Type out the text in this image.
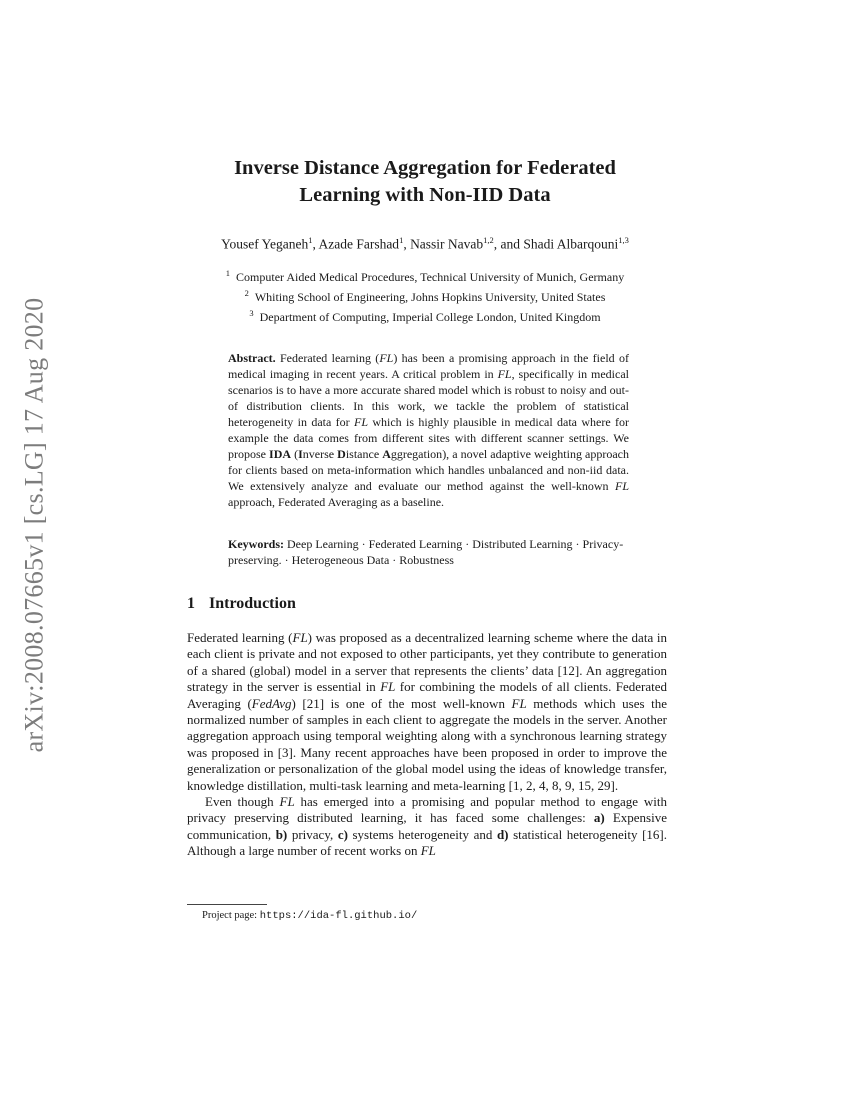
arXiv:2008.07665v1 [cs.LG] 17 Aug 2020
Inverse Distance Aggregation for Federated
Learning with Non-IID Data
Yousef Yeganeh$^1$, Azade Farshad$^1$, Nassir Navab$^{1,2}$, and Shadi Albarqouni$^{1,3}$
$^1$ Computer Aided Medical Procedures, Technical University of Munich, Germany
$^2$ Whiting School of Engineering, Johns Hopkins University, United States
$^3$ Department of Computing, Imperial College London, United Kingdom
Abstract. Federated learning (FL) has been a promising approach in the field of medical imaging in recent years. A critical problem in FL, specifically in medical scenarios is to have a more accurate shared model which is robust to noisy and out-of distribution clients. In this work, we tackle the problem of statistical heterogeneity in data for FL which is highly plausible in medical data where for example the data comes from different sites with different scanner settings. We propose IDA (Inverse Distance Aggregation), a novel adaptive weighting approach for clients based on meta-information which handles unbalanced and non-iid data. We extensively analyze and evaluate our method against the well-known FL approach, Federated Averaging as a baseline.
Keywords: Deep Learning · Federated Learning · Distributed Learning · Privacy-preserving. · Heterogeneous Data · Robustness
1 Introduction

Federated learning (FL) was proposed as a decentralized learning scheme where the data in each client is private and not exposed to other participants, yet they contribute to generation of a shared (global) model in a server that represents the clients’ data [12]. An aggregation strategy in the server is essential in FL for combining the models of all clients. Federated Averaging (FedAvg) [21] is one of the most well-known FL methods which uses the normalized number of samples in each client to aggregate the models in the server. Another aggregation approach using temporal weighting along with a synchronous learning strategy was proposed in [3]. Many recent approaches have been proposed in order to improve the generalization or personalization of the global model using the ideas of knowledge transfer, knowledge distillation, multi-task learning and meta-learning [1, 2, 4, 8, 9, 15, 29].

Even though FL has emerged into a promising and popular method to engage with privacy preserving distributed learning, it has faced some challenges: a) Expensive communication, b) privacy, c) systems heterogeneity and d) statistical heterogeneity [16]. Although a large number of recent works on FL

Project page: https://ida-fl.github.io/
